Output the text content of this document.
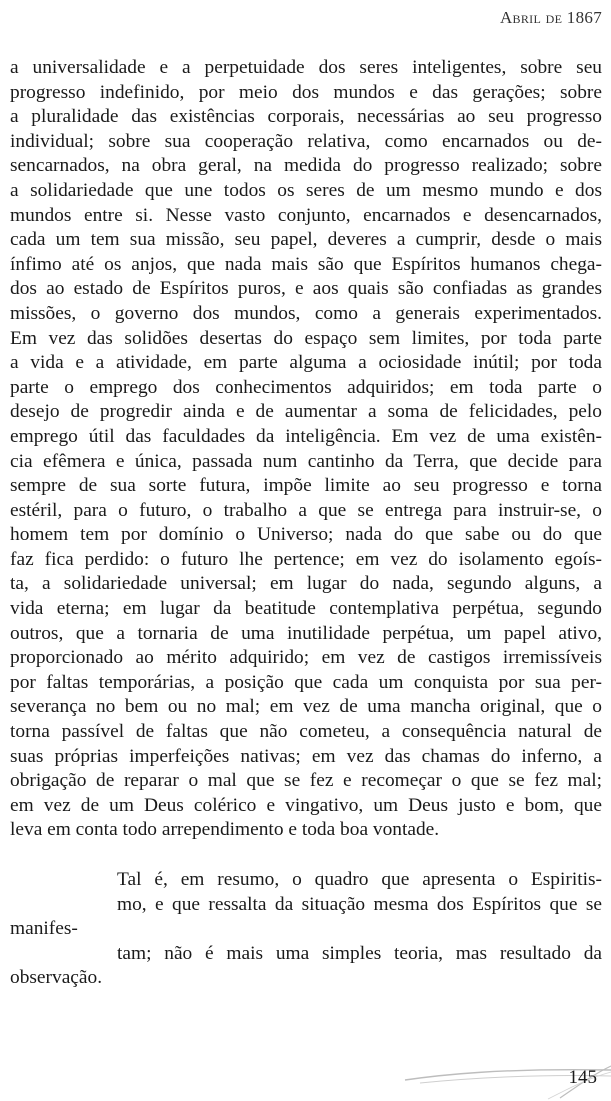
Abril de 1867

a universalidade e a perpetuidade dos seres inteligentes, sobre seu
progresso indefinido, por meio dos mundos e das gerações; sobre
a pluralidade das existências corporais, necessárias ao seu progresso
individual; sobre sua cooperação relativa, como encarnados ou de-
sencarnados, na obra geral, na medida do progresso realizado; sobre
a solidariedade que une todos os seres de um mesmo mundo e dos
mundos entre si. Nesse vasto conjunto, encarnados e desencarnados,
cada um tem sua missão, seu papel, deveres a cumprir, desde o mais
ínfimo até os anjos, que nada mais são que Espíritos humanos chega-
dos ao estado de Espíritos puros, e aos quais são confiadas as grandes
missões, o governo dos mundos, como a generais experimentados.
Em vez das solidões desertas do espaço sem limites, por toda parte
a vida e a atividade, em parte alguma a ociosidade inútil; por toda
parte o emprego dos conhecimentos adquiridos; em toda parte o
desejo de progredir ainda e de aumentar a soma de felicidades, pelo
emprego útil das faculdades da inteligência. Em vez de uma existên-
cia efêmera e única, passada num cantinho da Terra, que decide para
sempre de sua sorte futura, impõe limite ao seu progresso e torna
estéril, para o futuro, o trabalho a que se entrega para instruir-se, o
homem tem por domínio o Universo; nada do que sabe ou do que
faz fica perdido: o futuro lhe pertence; em vez do isolamento egoís-
ta, a solidariedade universal; em lugar do nada, segundo alguns, a
vida eterna; em lugar da beatitude contemplativa perpétua, segundo
outros, que a tornaria de uma inutilidade perpétua, um papel ativo,
proporcionado ao mérito adquirido; em vez de castigos irremissíveis
por faltas temporárias, a posição que cada um conquista por sua per-
severança no bem ou no mal; em vez de uma mancha original, que o
torna passível de faltas que não cometeu, a consequência natural de
suas próprias imperfeições nativas; em vez das chamas do inferno, a
obrigação de reparar o mal que se fez e recomeçar o que se fez mal;
em vez de um Deus colérico e vingativo, um Deus justo e bom, que
leva em conta todo arrependimento e toda boa vontade.

Tal é, em resumo, o quadro que apresenta o Espiritis-
mo, e que ressalta da situação mesma dos Espíritos que se manifes-
tam; não é mais uma simples teoria, mas resultado da observação.

145
